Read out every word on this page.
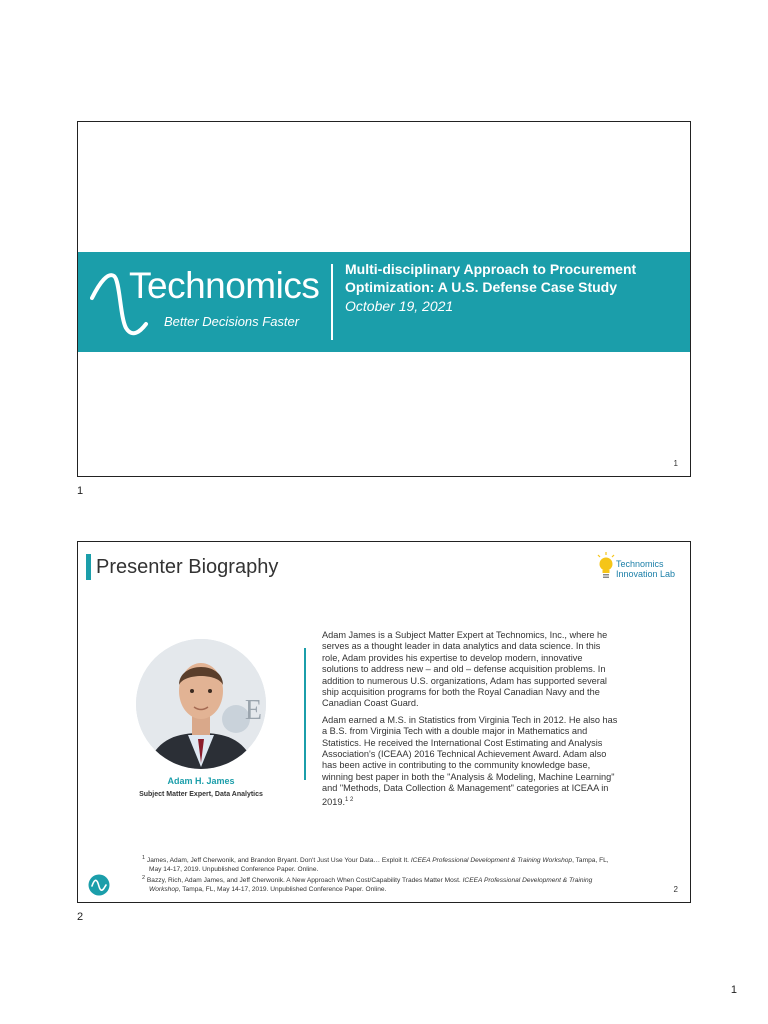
Technomics
Better Decisions Faster
Multi-disciplinary Approach to Procurement Optimization: A U.S. Defense Case Study
October 19, 2021
1
1
Presenter Biography	Technomics
Innovation Lab
E
Adam H. James
Subject Matter Expert, Data Analytics

Adam James is a Subject Matter Expert at Technomics, Inc., where he serves as a thought leader in data analytics and data science. In this role, Adam provides his expertise to develop modern, innovative solutions to address new – and old – defense acquisition problems. In addition to numerous U.S. organizations, Adam has supported several ship acquisition programs for both the Royal Canadian Navy and the Canadian Coast Guard.

Adam earned a M.S. in Statistics from Virginia Tech in 2012. He also has a B.S. from Virginia Tech with a double major in Mathematics and Statistics. He received the International Cost Estimating and Analysis Association's (ICEAA) 2016 Technical Achievement Award. Adam also has been active in contributing to the community knowledge base, winning best paper in both the "Analysis & Modeling, Machine Learning" and "Methods, Data Collection & Management" categories at ICEAA in 2019.$^{1 2}$

$^1$ James, Adam, Jeff Cherwonik, and Brandon Bryant. Don't Just Use Your Data… Exploit It. ICEEA Professional Development & Training Workshop, Tampa, FL, May 14-17, 2019. Unpublished Conference Paper. Online.
$^2$ Bazzy, Rich, Adam James, and Jeff Cherwonik. A New Approach When Cost/Capability Trades Matter Most. ICEEA Professional Development & Training Workshop, Tampa, FL, May 14-17, 2019. Unpublished Conference Paper. Online.	2
2
1
